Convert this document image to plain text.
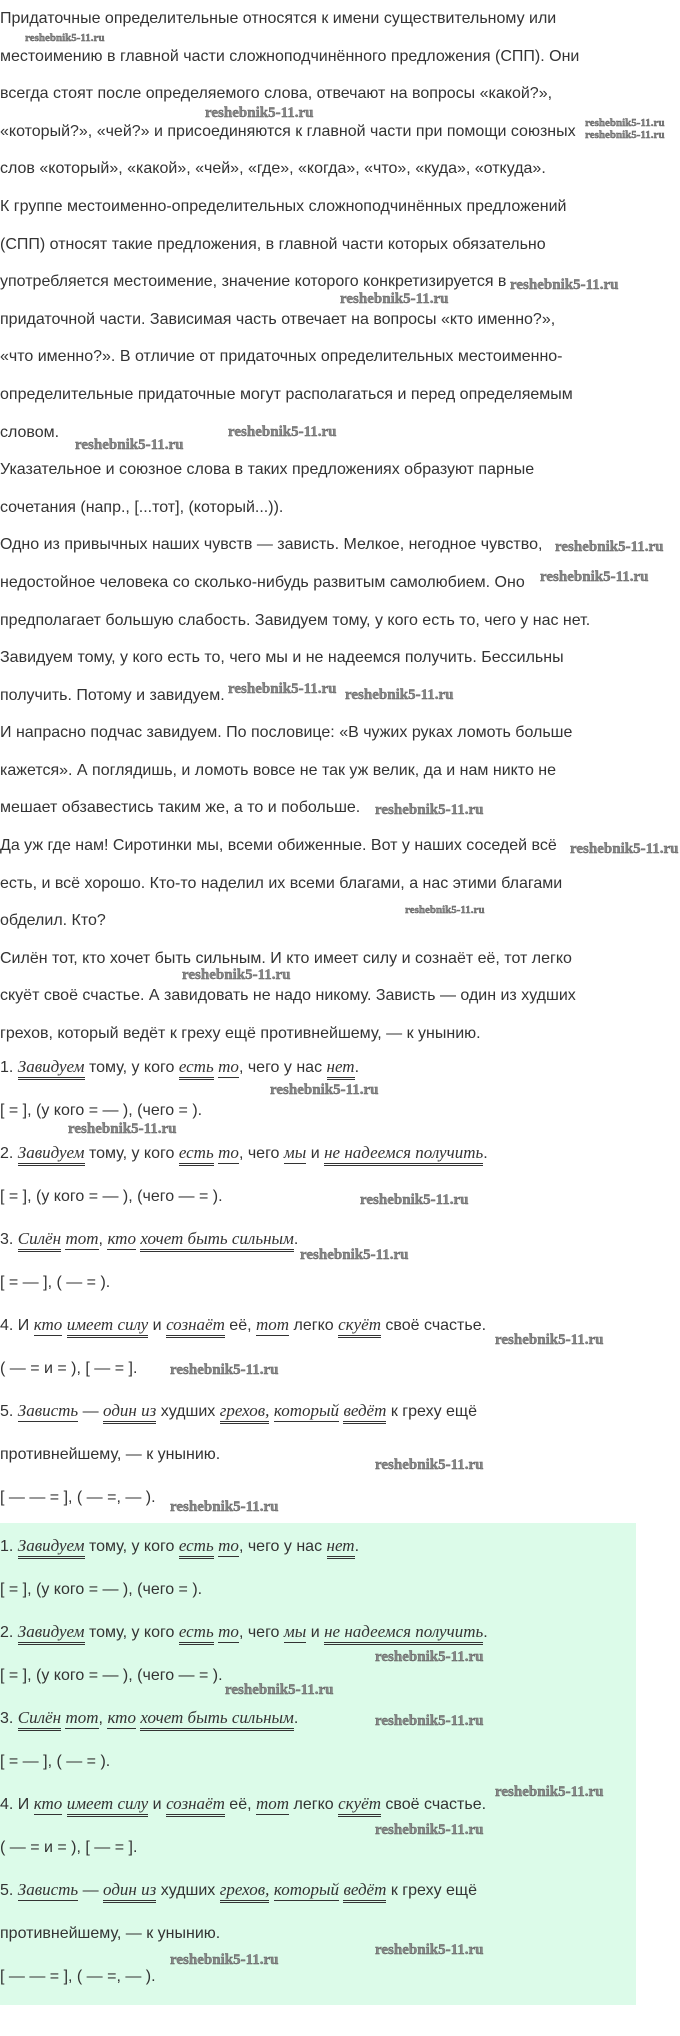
Придаточные определительные относятся к имени существительному или
местоимению в главной части сложноподчинённого предложения (СПП). Они
всегда стоят после определяемого слова, отвечают на вопросы «какой?»,
«который?», «чей?» и присоединяются к главной части при помощи союзных
слов «который», «какой», «чей», «где», «когда», «что», «куда», «откуда».
К группе местоименно-определительных сложноподчинённых предложений
(СПП) относят такие предложения, в главной части которых обязательно
употребляется местоимение, значение которого конкретизируется в
придаточной части. Зависимая часть отвечает на вопросы «кто именно?»,
«что именно?». В отличие от придаточных определительных местоименно-
определительные придаточные могут располагаться и перед определяемым
словом.
Указательное и союзное слова в таких предложениях образуют парные
сочетания (напр., [...тот], (который...)).
Одно из привычных наших чувств — зависть. Мелкое, негодное чувство,
недостойное человека со сколько-нибудь развитым самолюбием. Оно
предполагает большую слабость. Завидуем тому, у кого есть то, чего у нас нет.
Завидуем тому, у кого есть то, чего мы и не надеемся получить. Бессильны
получить. Потому и завидуем.
И напрасно подчас завидуем. По пословице: «В чужих руках ломоть больше
кажется». А поглядишь, и ломоть вовсе не так уж велик, да и нам никто не
мешает обзавестись таким же, а то и побольше.
Да уж где нам! Сиротинки мы, всеми обиженные. Вот у наших соседей всё
есть, и всё хорошо. Кто-то наделил их всеми благами, а нас этими благами
обделил. Кто?
Силён тот, кто хочет быть сильным. И кто имеет силу и сознаёт её, тот легко
скуёт своё счастье. А завидовать не надо никому. Зависть — один из худших
грехов, который ведёт к греху ещё противнейшему, — к унынию.
1. Завидуем тому, у кого есть то, чего у нас нет.
[ = ], (у кого = — ), (чего = ).
2. Завидуем тому, у кого есть то, чего мы и не надеемся получить.
[ = ], (у кого = — ), (чего — = ).
3. Силён тот, кто хочет быть сильным.
[ = — ], ( — = ).
4. И кто имеет силу и сознаёт её, тот легко скуёт своё счастье.
( — = и = ), [ — = ].
5. Зависть — один из худших грехов, который ведёт к греху ещё
противнейшему, — к унынию.
[ — — = ], ( — =, — ).
1. Завидуем тому, у кого есть то, чего у нас нет.
[ = ], (у кого = — ), (чего = ).
2. Завидуем тому, у кого есть то, чего мы и не надеемся получить.
[ = ], (у кого = — ), (чего — = ).
3. Силён тот, кто хочет быть сильным.
[ = — ], ( — = ).
4. И кто имеет силу и сознаёт её, тот легко скуёт своё счастье.
( — = и = ), [ — = ].
5. Зависть — один из худших грехов, который ведёт к греху ещё
противнейшему, — к унынию.
[ — — = ], ( — =, — ).
reshebnik5-11.ru
reshebnik5-11.ru
reshebnik5-11.ru
reshebnik5-11.ru
reshebnik5-11.ru
reshebnik5-11.ru
reshebnik5-11.ru
reshebnik5-11.ru
reshebnik5-11.ru
reshebnik5-11.ru
reshebnik5-11.ru reshebnik5-11.ru
reshebnik5-11.ru
reshebnik5-11.ru
reshebnik5-11.ru
reshebnik5-11.ru
reshebnik5-11.ru
reshebnik5-11.ru
reshebnik5-11.ru
reshebnik5-11.ru
reshebnik5-11.ru
reshebnik5-11.ru
reshebnik5-11.ru
reshebnik5-11.ru
reshebnik5-11.ru
reshebnik5-11.ru
reshebnik5-11.ru
reshebnik5-11.ru
reshebnik5-11.ru
reshebnik5-11.ru
reshebnik5-11.ru
